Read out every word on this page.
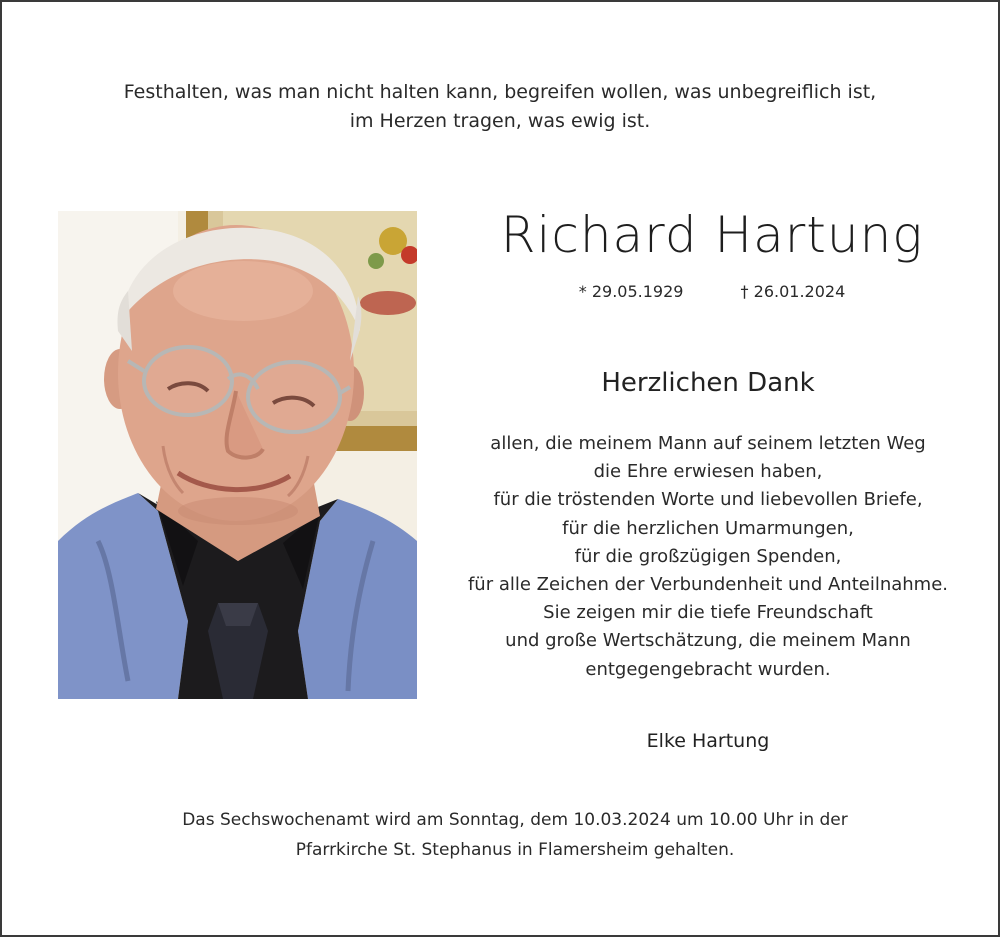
Festhalten, was man nicht halten kann, begreifen wollen, was unbegreiflich ist,
im Herzen tragen, was ewig ist.
Richard Hartung
* 29.05.1929	† 26.01.2024
Herzlichen Dank
allen, die meinem Mann auf seinem letzten Weg
die Ehre erwiesen haben,
für die tröstenden Worte und liebevollen Briefe,
für die herzlichen Umarmungen,
für die großzügigen Spenden,
für alle Zeichen der Verbundenheit und Anteilnahme.
Sie zeigen mir die tiefe Freundschaft
und große Wertschätzung, die meinem Mann
entgegengebracht wurden.
Elke Hartung
Das Sechswochenamt wird am Sonntag, dem 10.03.2024 um 10.00 Uhr in der
Pfarrkirche St. Stephanus in Flamersheim gehalten.
